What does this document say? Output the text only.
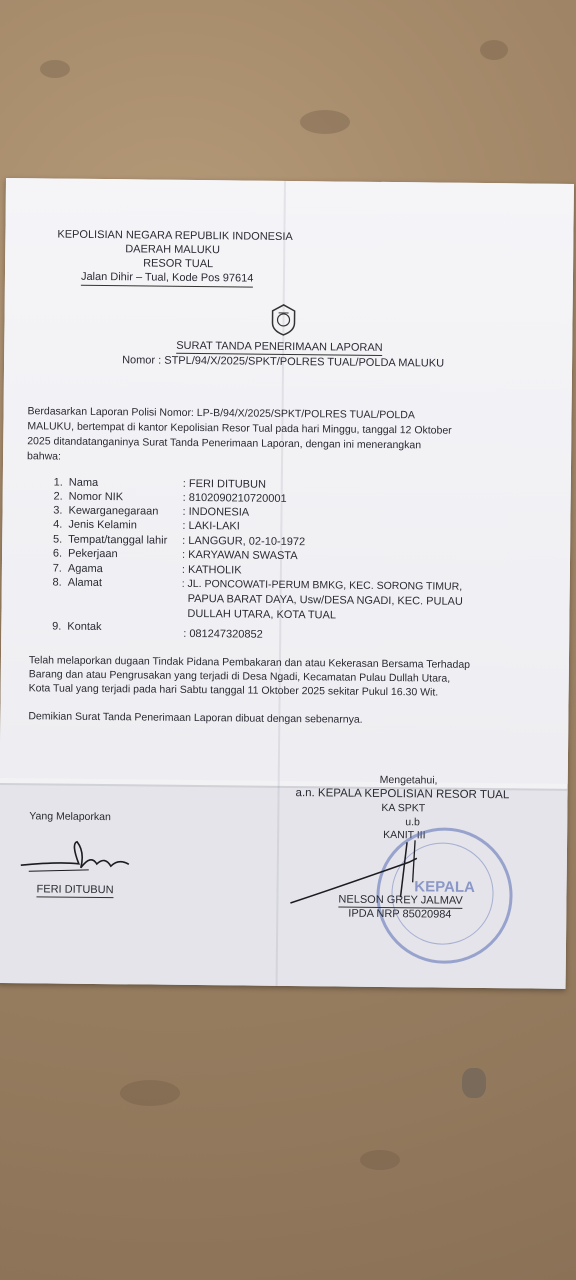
KEPOLISIAN NEGARA REPUBLIK INDONESIA
DAERAH MALUKU
RESOR TUAL
Jalan Dihir – Tual, Kode Pos 97614
SURAT TANDA PENERIMAAN LAPORAN
Nomor : STPL/94/X/2025/SPKT/POLRES TUAL/POLDA MALUKU
Berdasarkan Laporan Polisi Nomor: LP-B/94/X/2025/SPKT/POLRES TUAL/POLDA
MALUKU, bertempat di kantor Kepolisian Resor Tual pada hari Minggu, tanggal 12 Oktober
2025 ditandatanganinya Surat Tanda Penerimaan Laporan, dengan ini menerangkan
bahwa:
1. Nama	: FERI DITUBUN
2. Nomor NIK	: 8102090210720001
3. Kewarganegaraan : INDONESIA
4. Jenis Kelamin	: LAKI-LAKI
5. Tempat/tanggal lahir : LANGGUR, 02-10-1972
6. Pekerjaan	: KARYAWAN SWASTA
7. Agama	: KATHOLIK
8. Alamat	: JL. PONCOWATI-PERUM BMKG, KEC. SORONG TIMUR,
PAPUA BARAT DAYA, Usw/DESA NGADI, KEC. PULAU
DULLAH UTARA, KOTA TUAL
9. Kontak
: 081247320852
Telah melaporkan dugaan Tindak Pidana Pembakaran dan atau Kekerasan Bersama Terhadap
Barang dan atau Pengrusakan yang terjadi di Desa Ngadi, Kecamatan Pulau Dullah Utara,
Kota Tual yang terjadi pada hari Sabtu tanggal 11 Oktober 2025 sekitar Pukul 16.30 Wit.
Demikian Surat Tanda Penerimaan Laporan dibuat dengan sebenarnya.
Mengetahui,
a.n. KEPALA KEPOLISIAN RESOR TUAL
KA SPKT
u.b
KANIT III
Yang Melaporkan
FERI DITUBUN	KEPALA
NELSON GREY JALMAV
IPDA NRP 85020984
